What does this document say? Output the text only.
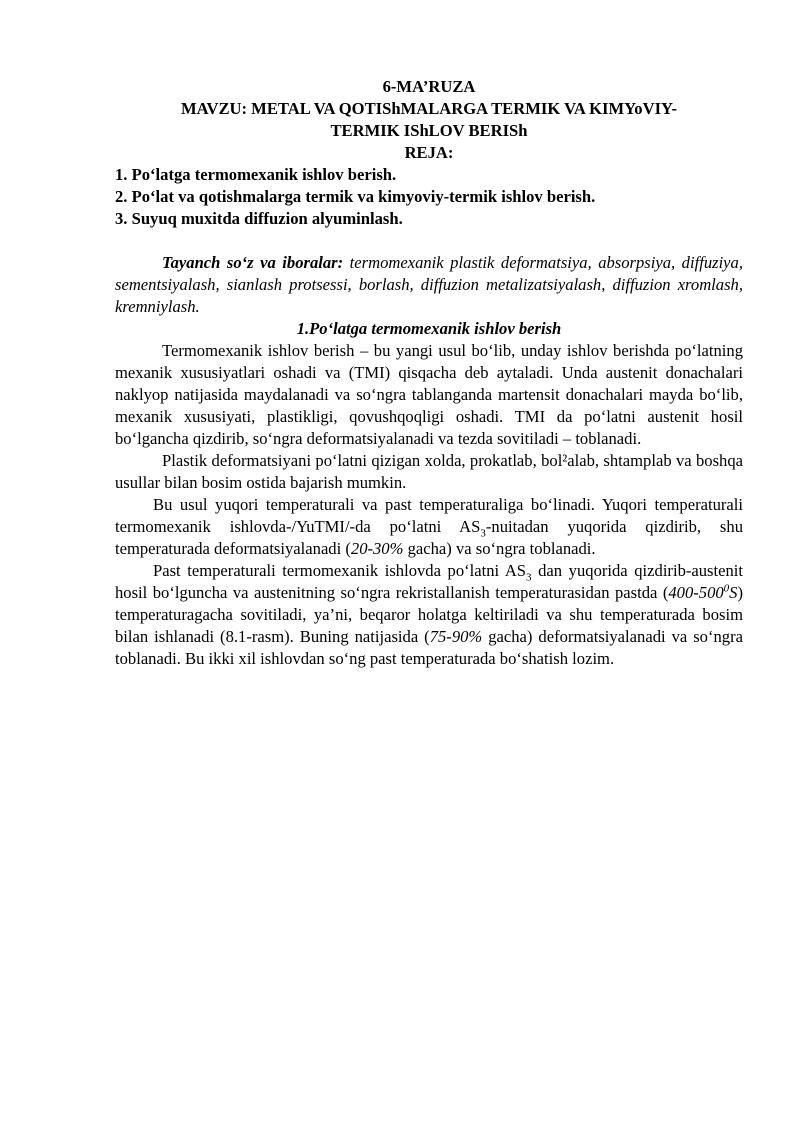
6-MA’RUZA

MAVZU: METAL VA QOTIShMALARGA TERMIK VA KIMYoVIY-

TERMIK IShLOV BERISh

REJA:

1. Po‘latga termomexanik ishlov berish.

2. Po‘lat va qotishmalarga termik va kimyoviy-termik ishlov berish.

3. Suyuq muxitda diffuzion alyuminlash.

Tayanch so‘z va iboralar: termomexanik plastik deformatsiya, absorpsiya, diffuziya, sementsiyalash, sianlash protsessi, borlash, diffuzion metalizatsiyalash, diffuzion xromlash, kremniylash.

1.Po‘latga termomexanik ishlov berish

Termomexanik ishlov berish – bu yangi usul bo‘lib, unday ishlov berishda po‘latning mexanik xususiyatlari oshadi va (TMI) qisqacha deb aytaladi. Unda austenit donachalari naklyop natijasida maydalanadi va so‘ngra tablanganda martensit donachalari mayda bo‘lib, mexanik xususiyati, plastikligi, qovushqoqligi oshadi. TMI da po‘latni austenit hosil bo‘lgancha qizdirib, so‘ngra deformatsiyalanadi va tezda sovitiladi – toblanadi.

Plastik deformatsiyani po‘latni qizigan xolda, prokatlab, bol²alab, shtamplab va boshqa usullar bilan bosim ostida bajarish mumkin.

Bu usul yuqori temperaturali va past temperaturaliga bo‘linadi. Yuqori temperaturali termomexanik ishlovda-/YuTMI/-da po‘latni $AS_3$-nuitadan yuqorida qizdirib, shu temperaturada deformatsiyalanadi (20-30% gacha) va so‘ngra toblanadi.

Past temperaturali termomexanik ishlovda po‘latni $AS_3$ dan yuqorida qizdirib-austenit hosil bo‘lguncha va austenitning so‘ngra rekristallanish temperaturasidan pastda $(400-500^0S)$ temperaturagacha sovitiladi, ya’ni, beqaror holatga keltiriladi va shu temperaturada bosim bilan ishlanadi (8.1-rasm). Buning natijasida (75-90% gacha) deformatsiyalanadi va so‘ngra toblanadi. Bu ikki xil ishlovdan so‘ng past temperaturada bo‘shatish lozim.
